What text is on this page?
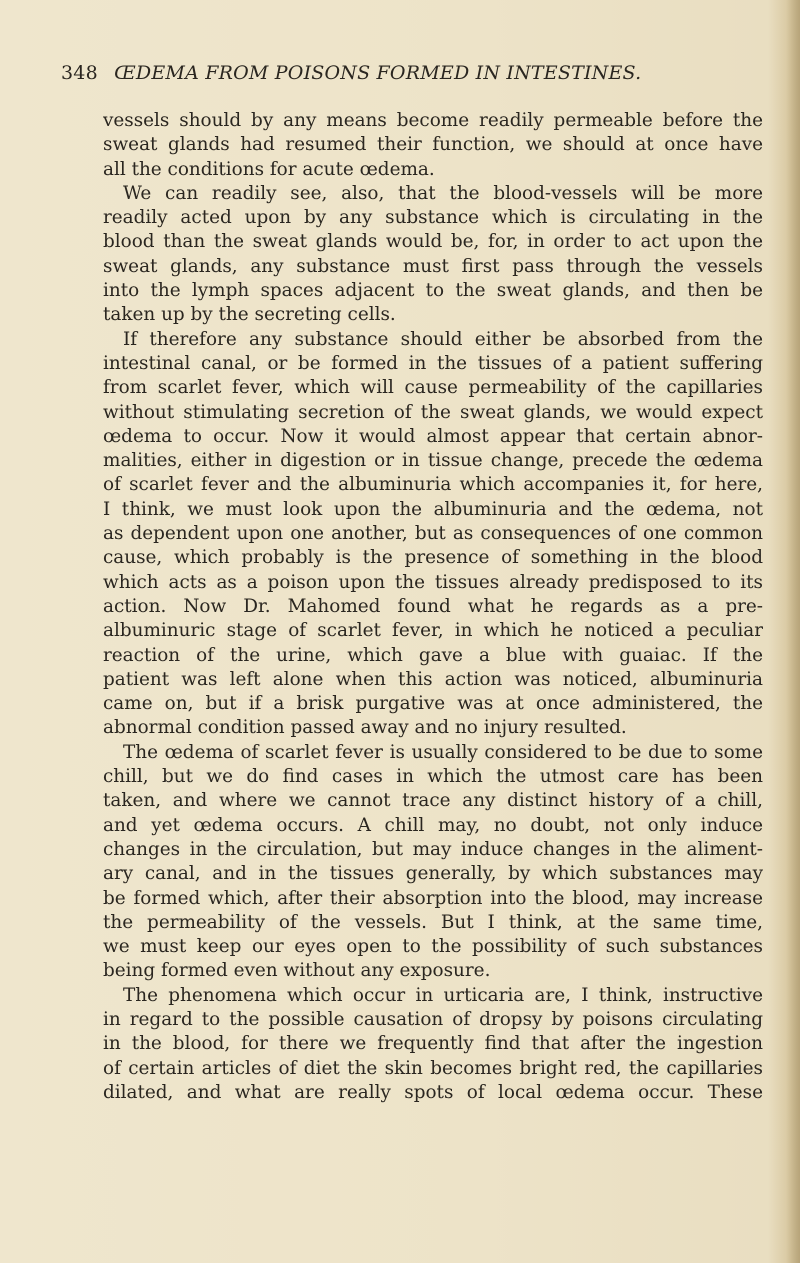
348 ŒDEMA FROM POISONS FORMED IN INTESTINES.
vessels should by any means become readily permeable before the
sweat glands had resumed their function, we should at once have
all the conditions for acute œdema.
We can readily see, also, that the blood-vessels will be more
readily acted upon by any substance which is circulating in the
blood than the sweat glands would be, for, in order to act upon the
sweat glands, any substance must first pass through the vessels
into the lymph spaces adjacent to the sweat glands, and then be
taken up by the secreting cells.
If therefore any substance should either be absorbed from the
intestinal canal, or be formed in the tissues of a patient suffering
from scarlet fever, which will cause permeability of the capillaries
without stimulating secretion of the sweat glands, we would expect
œdema to occur. Now it would almost appear that certain abnor-
malities, either in digestion or in tissue change, precede the œdema
of scarlet fever and the albuminuria which accompanies it, for here,
I think, we must look upon the albuminuria and the œdema, not
as dependent upon one another, but as consequences of one common
cause, which probably is the presence of something in the blood
which acts as a poison upon the tissues already predisposed to its
action. Now Dr. Mahomed found what he regards as a pre-
albuminuric stage of scarlet fever, in which he noticed a peculiar
reaction of the urine, which gave a blue with guaiac. If the
patient was left alone when this action was noticed, albuminuria
came on, but if a brisk purgative was at once administered, the
abnormal condition passed away and no injury resulted.
The œdema of scarlet fever is usually considered to be due to some
chill, but we do find cases in which the utmost care has been
taken, and where we cannot trace any distinct history of a chill,
and yet œdema occurs. A chill may, no doubt, not only induce
changes in the circulation, but may induce changes in the aliment-
ary canal, and in the tissues generally, by which substances may
be formed which, after their absorption into the blood, may increase
the permeability of the vessels. But I think, at the same time,
we must keep our eyes open to the possibility of such substances
being formed even without any exposure.
The phenomena which occur in urticaria are, I think, instructive
in regard to the possible causation of dropsy by poisons circulating
in the blood, for there we frequently find that after the ingestion
of certain articles of diet the skin becomes bright red, the capillaries
dilated, and what are really spots of local œdema occur. These
